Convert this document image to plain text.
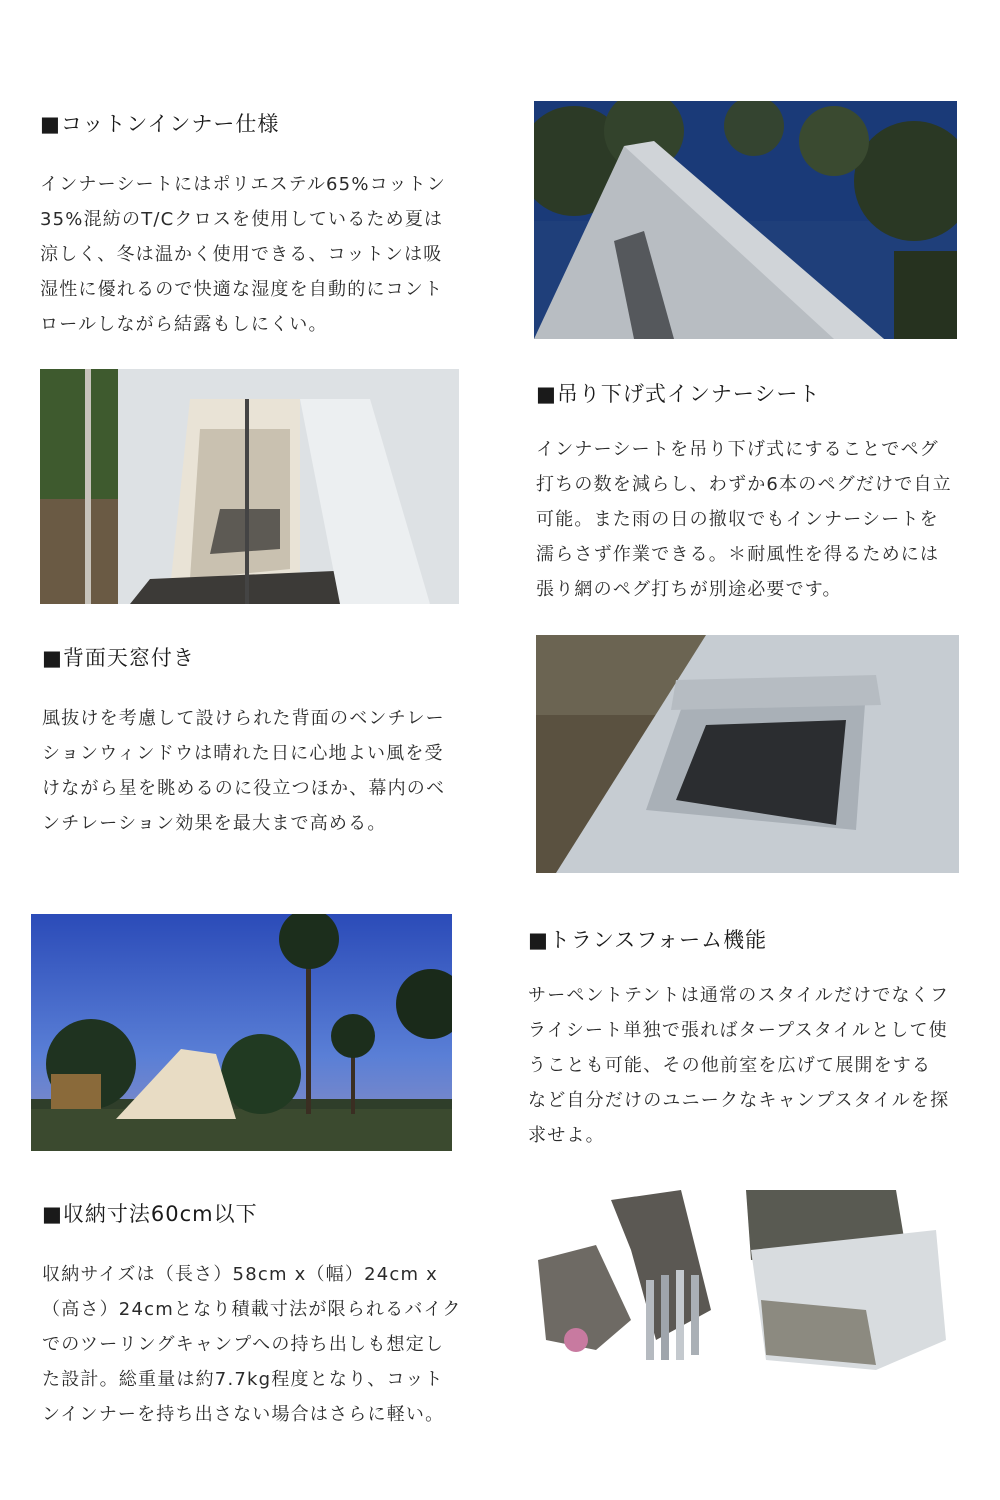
■コットンインナー仕様
インナーシートにはポリエステル65%コットン35%混紡のT/Cクロスを使用しているため夏は涼しく、冬は温かく使用できる、コットンは吸湿性に優れるので快適な湿度を自動的にコントロールしながら結露もしにくい。
■吊り下げ式インナーシート
インナーシートを吊り下げ式にすることでペグ打ちの数を減らし、わずか6本のペグだけで自立可能。また雨の日の撤収でもインナーシートを濡らさず作業できる。＊耐風性を得るためには張り網のペグ打ちが別途必要です。
■背面天窓付き
風抜けを考慮して設けられた背面のベンチレーションウィンドウは晴れた日に心地よい風を受けながら星を眺めるのに役立つほか、幕内のベンチレーション効果を最大まで高める。
■トランスフォーム機能
サーペントテントは通常のスタイルだけでなくフライシート単独で張ればタープスタイルとして使うことも可能、その他前室を広げて展開をするなど自分だけのユニークなキャンプスタイルを探求せよ。
■収納寸法60cm以下
収納サイズは（長さ）58cm x（幅）24cm x（高さ）24cmとなり積載寸法が限られるバイクでのツーリングキャンプへの持ち出しも想定した設計。総重量は約7.7kg程度となり、コットンインナーを持ち出さない場合はさらに軽い。
